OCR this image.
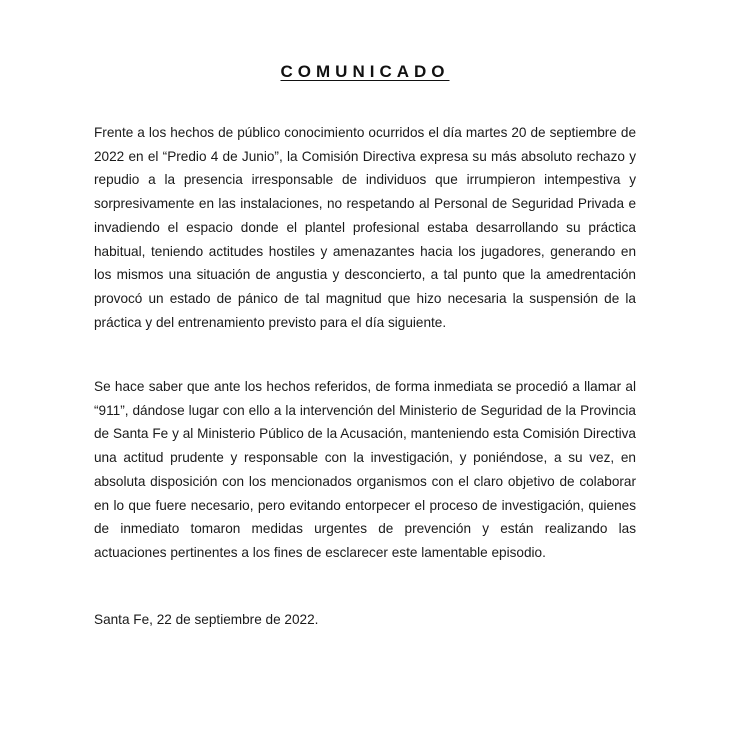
COMUNICADO

Frente a los hechos de público conocimiento ocurridos el día martes 20 de septiembre de 2022 en el “Predio 4 de Junio”, la Comisión Directiva expresa su más absoluto rechazo y repudio a la presencia irresponsable de individuos que irrumpieron intempestiva y sorpresivamente en las instalaciones, no respetando al Personal de Seguridad Privada e invadiendo el espacio donde el plantel profesional estaba desarrollando su práctica habitual, teniendo actitudes hostiles y amenazantes hacia los jugadores, generando en los mismos una situación de angustia y desconcierto, a tal punto que la amedrentación provocó un estado de pánico de tal magnitud que hizo necesaria la suspensión de la práctica y del entrenamiento previsto para el día siguiente.

Se hace saber que ante los hechos referidos, de forma inmediata se procedió a llamar al “911”, dándose lugar con ello a la intervención del Ministerio de Seguridad de la Provincia de Santa Fe y al Ministerio Público de la Acusación, manteniendo esta Comisión Directiva una actitud prudente y responsable con la investigación, y poniéndose, a su vez, en absoluta disposición con los mencionados organismos con el claro objetivo de colaborar en lo que fuere necesario, pero evitando entorpecer el proceso de investigación, quienes de inmediato tomaron medidas urgentes de prevención y están realizando las actuaciones pertinentes a los fines de esclarecer este lamentable episodio.

Santa Fe, 22 de septiembre de 2022.
